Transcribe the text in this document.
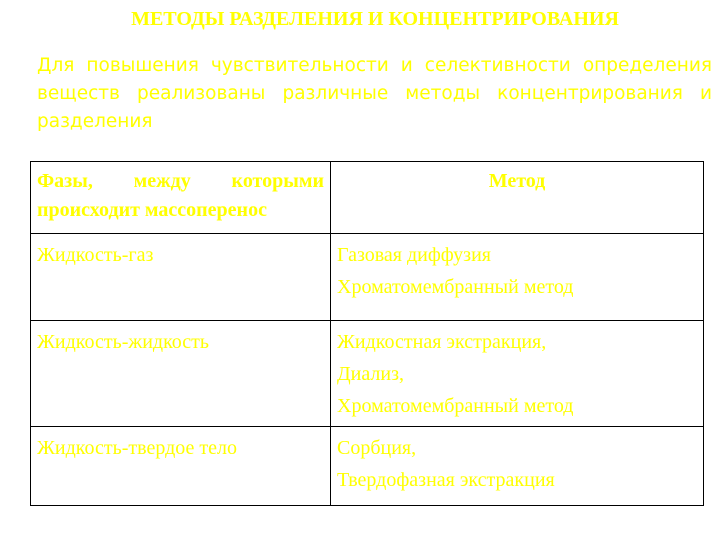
МЕТОДЫ РАЗДЕЛЕНИЯ И КОНЦЕНТРИРОВАНИЯ
Для повышения чувствительности и селективности определения веществ реализованы различные методы концентрирования и разделения
Фазы, между которыми происходит массоперенос	Метод
Жидкость-газ	Газовая диффузия
Хроматомембранный метод

Жидкость-жидкость	Жидкостная экстракция,
Диализ,
Хроматомембранный метод

Жидкость-твердое тело	Сорбция,
Твердофазная экстракция
